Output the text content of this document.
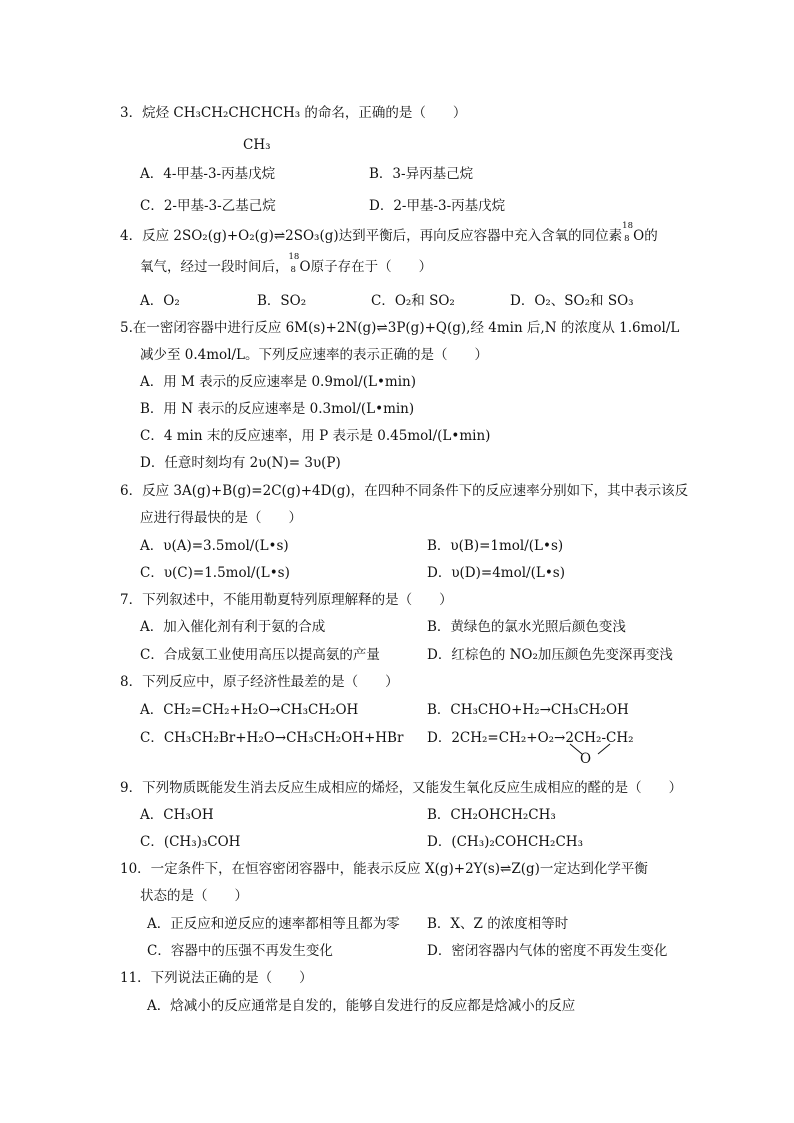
3．烷烃 CH₃CH₂CHCHCH₃ 的命名，正确的是（　　）
CH₃
A．4-甲基-3-丙基戊烷	B．3-异丙基己烷
C．2-甲基-3-乙基己烷	D．2-甲基-3-丙基戊烷
4．反应 2SO₂(g)+O₂(g)⇌2SO₃(g)达到平衡后，再向反应容器中充入含氧的同位素
18
8 O的
氧气，经过一段时间后，
18
8 O原子存在于（　　）
A．O₂	B．SO₂	C．O₂和 SO₂	D．O₂、SO₂和 SO₃
5.在一密闭容器中进行反应 6M(s)+2N(g)⇌3P(g)+Q(g),经 4min 后,N 的浓度从 1.6mol/L
减少至 0.4mol/L。下列反应速率的表示正确的是（　　）
A．用 M 表示的反应速率是 0.9mol/(L•min)
B．用 N 表示的反应速率是 0.3mol/(L•min)
C．4 min 末的反应速率，用 P 表示是 0.45mol/(L•min)
D．任意时刻均有 2υ(N)= 3υ(P)
6．反应 3A(g)+B(g)=2C(g)+4D(g)，在四种不同条件下的反应速率分别如下，其中表示该反
应进行得最快的是（　　）
A．υ(A)=3.5mol/(L•s)	B．υ(B)=1mol/(L•s)
C．υ(C)=1.5mol/(L•s)	D．υ(D)=4mol/(L•s)
7．下列叙述中，不能用勒夏特列原理解释的是（　　）
A．加入催化剂有利于氨的合成	B．黄绿色的氯水光照后颜色变浅
C．合成氨工业使用高压以提高氨的产量	D．红棕色的 NO₂加压颜色先变深再变浅
8．下列反应中，原子经济性最差的是（　　）
A．CH₂=CH₂+H₂O→CH₃CH₂OH	B．CH₃CHO+H₂→CH₃CH₂OH
C．CH₃CH₂Br+H₂O→CH₃CH₂OH+HBr D．2CH₂=CH₂+O₂→2CH₂-CH₂
O
9．下列物质既能发生消去反应生成相应的烯烃，又能发生氧化反应生成相应的醛的是（　　）
A．CH₃OH	B．CH₂OHCH₂CH₃
C．(CH₃)₃COH	D．(CH₃)₂COHCH₂CH₃
10．一定条件下，在恒容密闭容器中，能表示反应 X(g)+2Y(s)⇌Z(g)一定达到化学平衡
状态的是（　　）
A．正反应和逆反应的速率都相等且都为零 B．X、Z 的浓度相等时
C．容器中的压强不再发生变化	D．密闭容器内气体的密度不再发生变化
11．下列说法正确的是（　　）
A．焓减小的反应通常是自发的，能够自发进行的反应都是焓减小的反应
